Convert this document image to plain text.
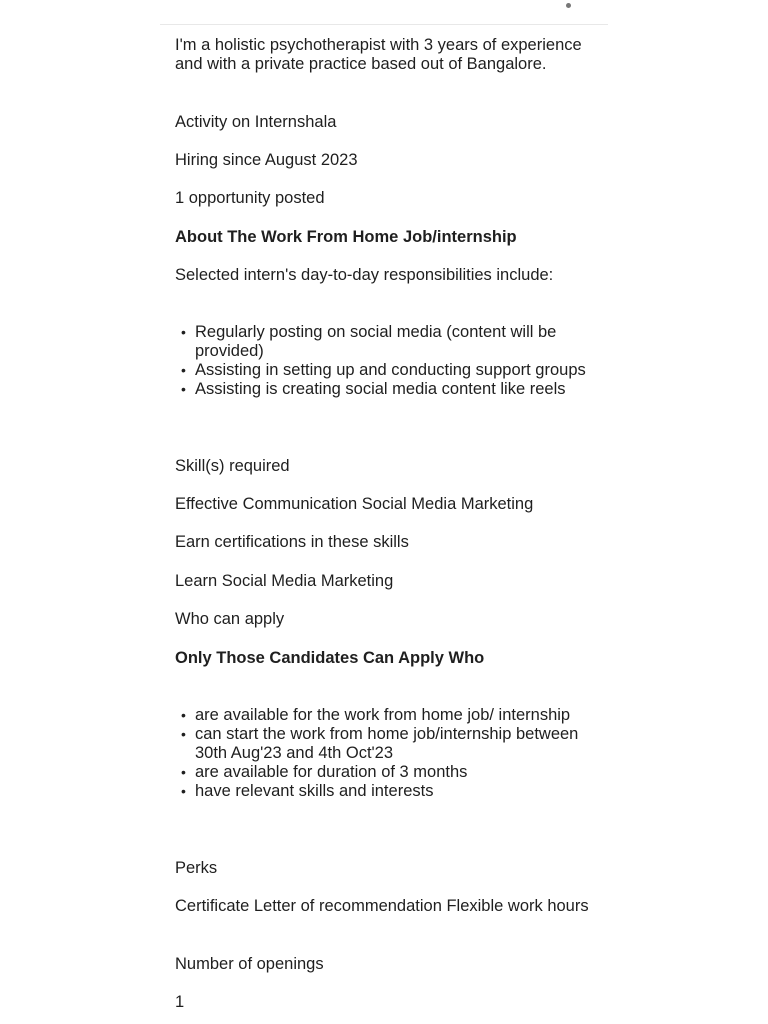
I'm a holistic psychotherapist with 3 years of experience and with a private practice based out of Bangalore.

Activity on Internshala

Hiring since August 2023

1 opportunity posted

About The Work From Home Job/internship

Selected intern's day-to-day responsibilities include:

• Regularly posting on social media (content will be provided)
• Assisting in setting up and conducting support groups
• Assisting is creating social media content like reels

Skill(s) required

Effective Communication Social Media Marketing

Earn certifications in these skills

Learn Social Media Marketing

Who can apply

Only Those Candidates Can Apply Who

• are available for the work from home job/ internship
• can start the work from home job/internship between 30th Aug'23 and 4th Oct'23
• are available for duration of 3 months
• have relevant skills and interests

Perks

Certificate Letter of recommendation Flexible work hours

Number of openings

1
